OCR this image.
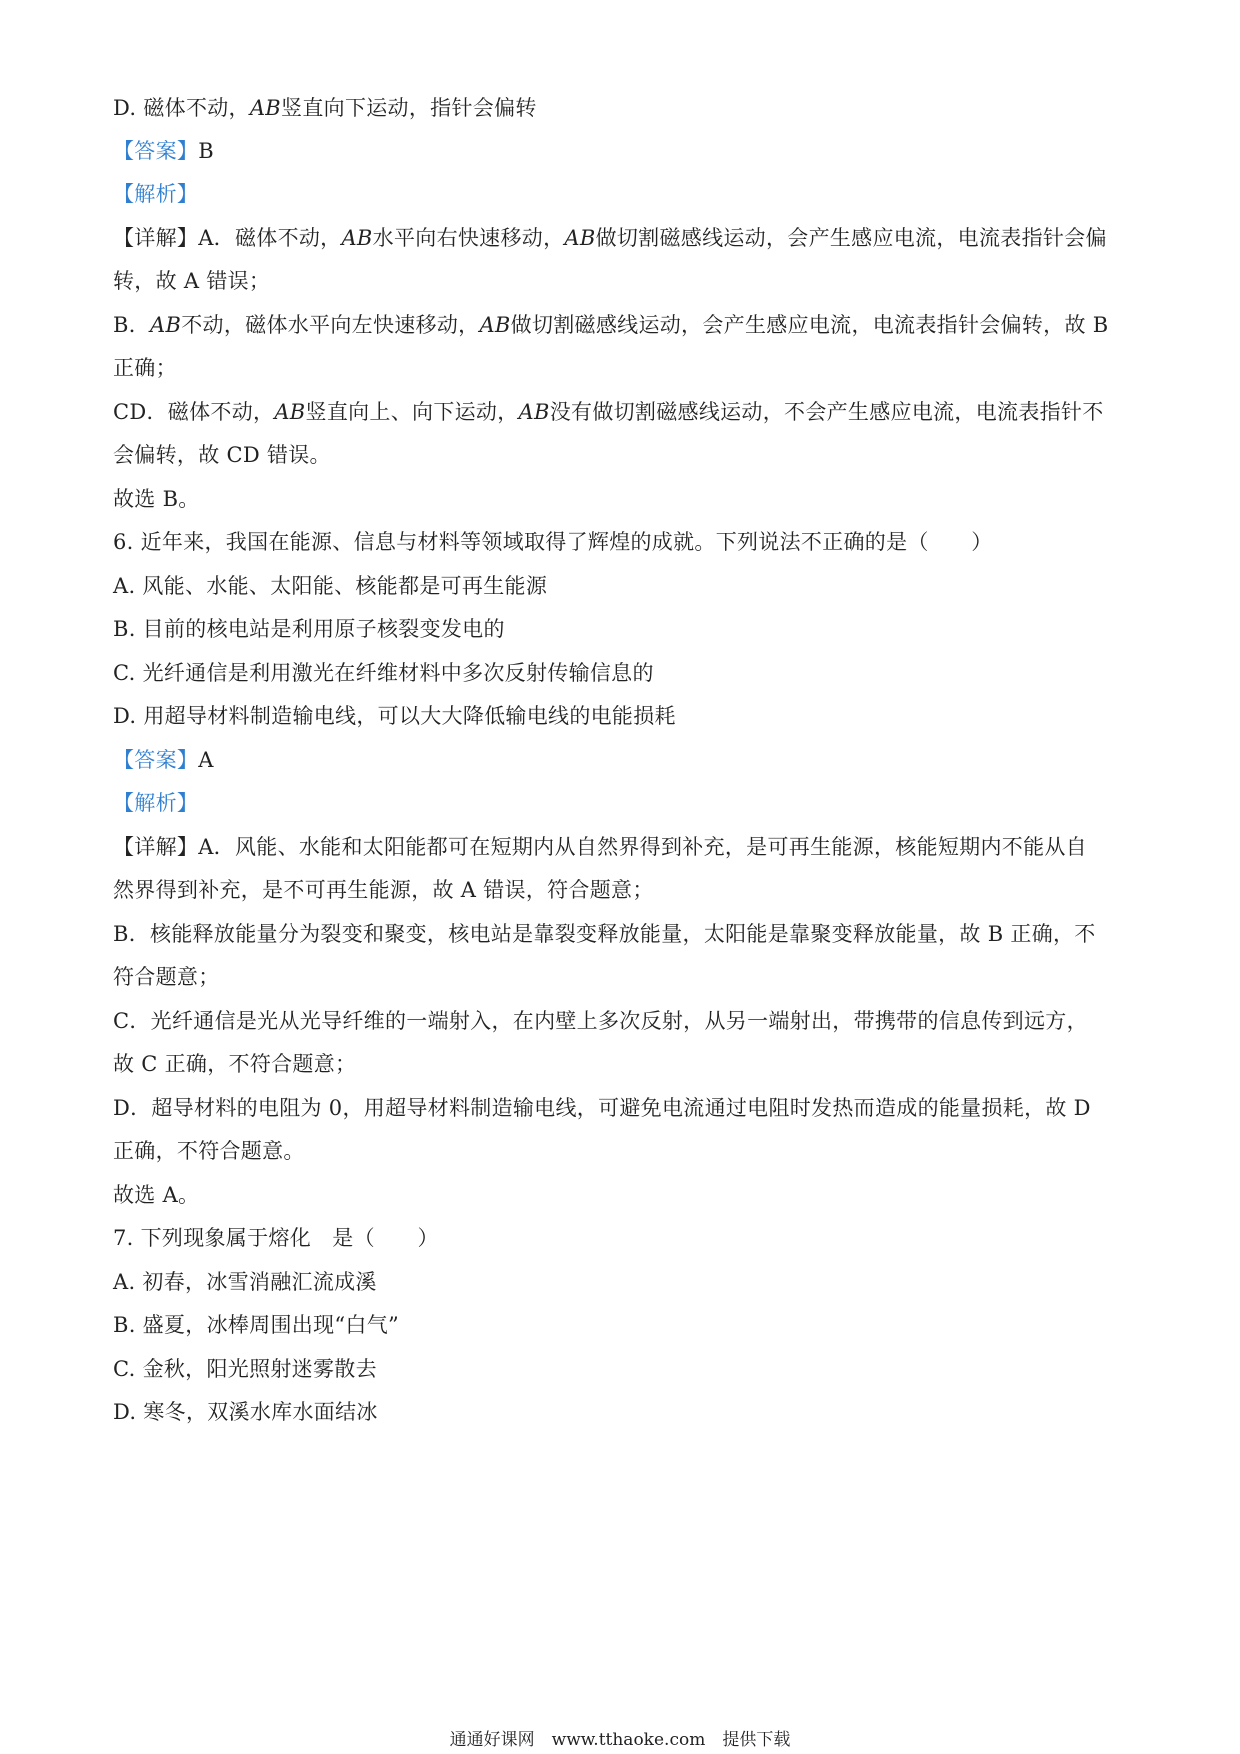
D. 磁体不动，AB竖直向下运动，指针会偏转
【答案】B
【解析】
【详解】A．磁体不动，AB水平向右快速移动，AB做切割磁感线运动，会产生感应电流，电流表指针会偏
转，故 A 错误；
B．AB不动，磁体水平向左快速移动，AB做切割磁感线运动，会产生感应电流，电流表指针会偏转，故 B
正确；
CD．磁体不动，AB竖直向上、向下运动，AB没有做切割磁感线运动，不会产生感应电流，电流表指针不
会偏转，故 CD 错误。
故选 B。
6. 近年来，我国在能源、信息与材料等领域取得了辉煌的成就。下列说法不正确的是（　　）
A. 风能、水能、太阳能、核能都是可再生能源
B. 目前的核电站是利用原子核裂变发电的
C. 光纤通信是利用激光在纤维材料中多次反射传输信息的
D. 用超导材料制造输电线，可以大大降低输电线的电能损耗
【答案】A
【解析】
【详解】A．风能、水能和太阳能都可在短期内从自然界得到补充，是可再生能源，核能短期内不能从自
然界得到补充，是不可再生能源，故 A 错误，符合题意；
B．核能释放能量分为裂变和聚变，核电站是靠裂变释放能量，太阳能是靠聚变释放能量，故 B 正确，不
符合题意；
C．光纤通信是光从光导纤维的一端射入，在内壁上多次反射，从另一端射出，带携带的信息传到远方，
故 C 正确，不符合题意；
D．超导材料的电阻为 0，用超导材料制造输电线，可避免电流通过电阻时发热而造成的能量损耗，故 D
正确，不符合题意。
故选 A。
7. 下列现象属于熔化　是（　　）
A. 初春，冰雪消融汇流成溪
B. 盛夏，冰棒周围出现“白气”
C. 金秋，阳光照射迷雾散去
D. 寒冬，双溪水库水面结冰
通通好课网　www.tthaoke.com　提供下载
